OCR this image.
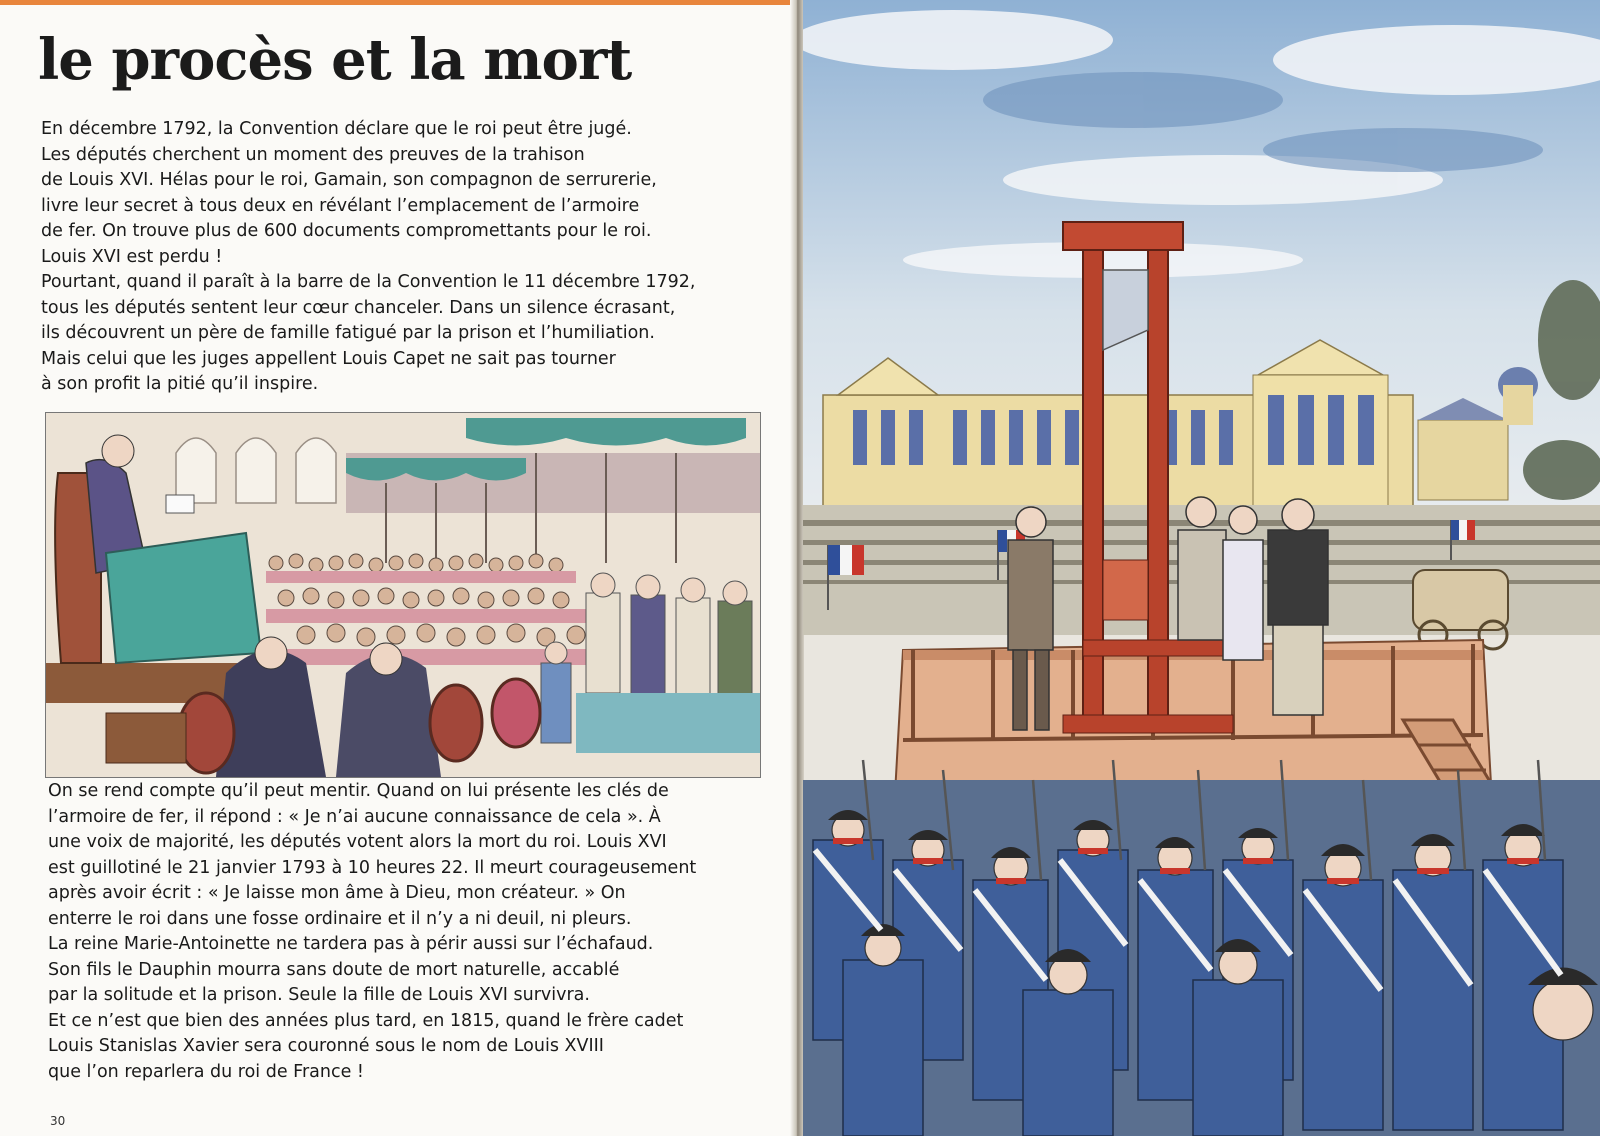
le procès et la mort

En décembre 1792, la Convention déclare que le roi peut être jugé.
Les députés cherchent un moment des preuves de la trahison
de Louis XVI. Hélas pour le roi, Gamain, son compagnon de serrurerie,
livre leur secret à tous deux en révélant l’emplacement de l’armoire
de fer. On trouve plus de 600 documents compromettants pour le roi.
Louis XVI est perdu !
Pourtant, quand il paraît à la barre de la Convention le 11 décembre 1792,
tous les députés sentent leur cœur chanceler. Dans un silence écrasant,
ils découvrent un père de famille fatigué par la prison et l’humiliation.
Mais celui que les juges appellent Louis Capet ne sait pas tourner
à son profit la pitié qu’il inspire.

On se rend compte qu’il peut mentir. Quand on lui présente les clés de
l’armoire de fer, il répond : « Je n’ai aucune connaissance de cela ». À
une voix de majorité, les députés votent alors la mort du roi. Louis XVI
est guillotiné le 21 janvier 1793 à 10 heures 22. Il meurt courageusement
après avoir écrit : « Je laisse mon âme à Dieu, mon créateur. » On
enterre le roi dans une fosse ordinaire et il n’y a ni deuil, ni pleurs.
La reine Marie-Antoinette ne tardera pas à périr aussi sur l’échafaud.
Son fils le Dauphin mourra sans doute de mort naturelle, accablé
par la solitude et la prison. Seule la fille de Louis XVI survivra.
Et ce n’est que bien des années plus tard, en 1815, quand le frère cadet
Louis Stanislas Xavier sera couronné sous le nom de Louis XVIII
que l’on reparlera du roi de France !

30
